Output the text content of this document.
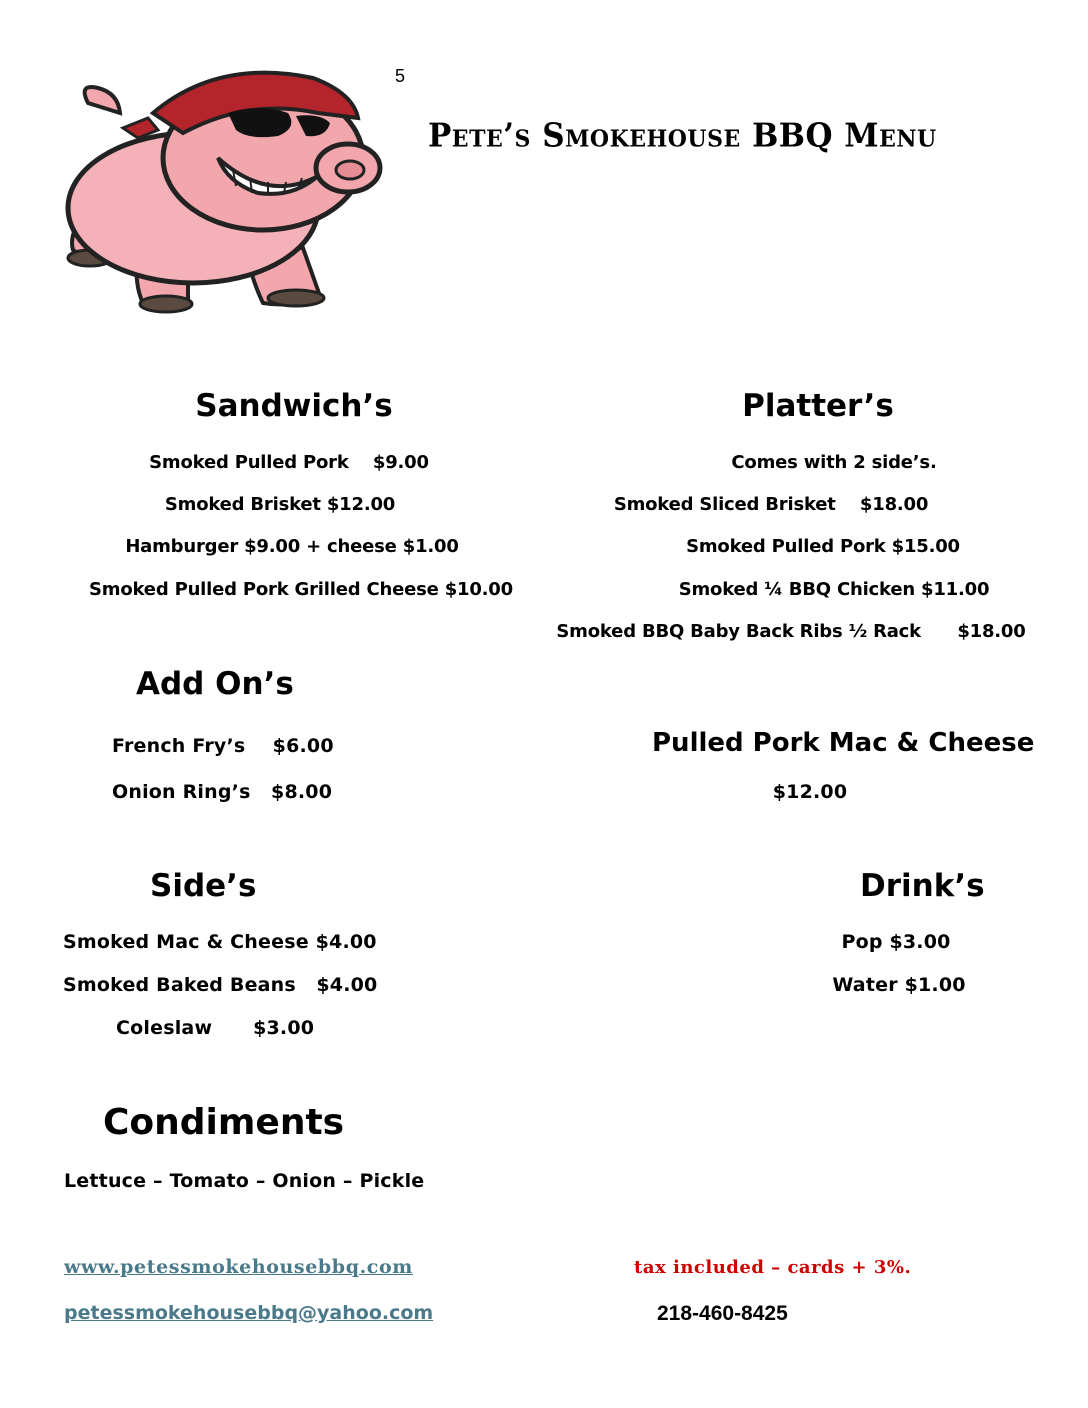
5
Pete’s Smokehouse BBQ Menu
Sandwich’s
Smoked Pulled Pork    $9.00
Smoked Brisket $12.00
Hamburger $9.00 + cheese $1.00
Smoked Pulled Pork Grilled Cheese $10.00
Platter’s
Comes with 2 side’s.
Smoked Sliced Brisket    $18.00
Smoked Pulled Pork $15.00
Smoked ¼ BBQ Chicken $11.00
Smoked BBQ Baby Back Ribs ½ Rack      $18.00
Add On’s
French Fry’s    $6.00
Onion Ring’s   $8.00
Pulled Pork Mac & Cheese
$12.00
Side’s
Smoked Mac & Cheese $4.00
Smoked Baked Beans   $4.00
Coleslaw      $3.00
Drink’s
Pop $3.00
Water $1.00
Condiments
Lettuce – Tomato – Onion – Pickle
www.petessmokehousebbq.com
petessmokehousebbq@yahoo.com
tax included – cards + 3%.
218-460-8425
